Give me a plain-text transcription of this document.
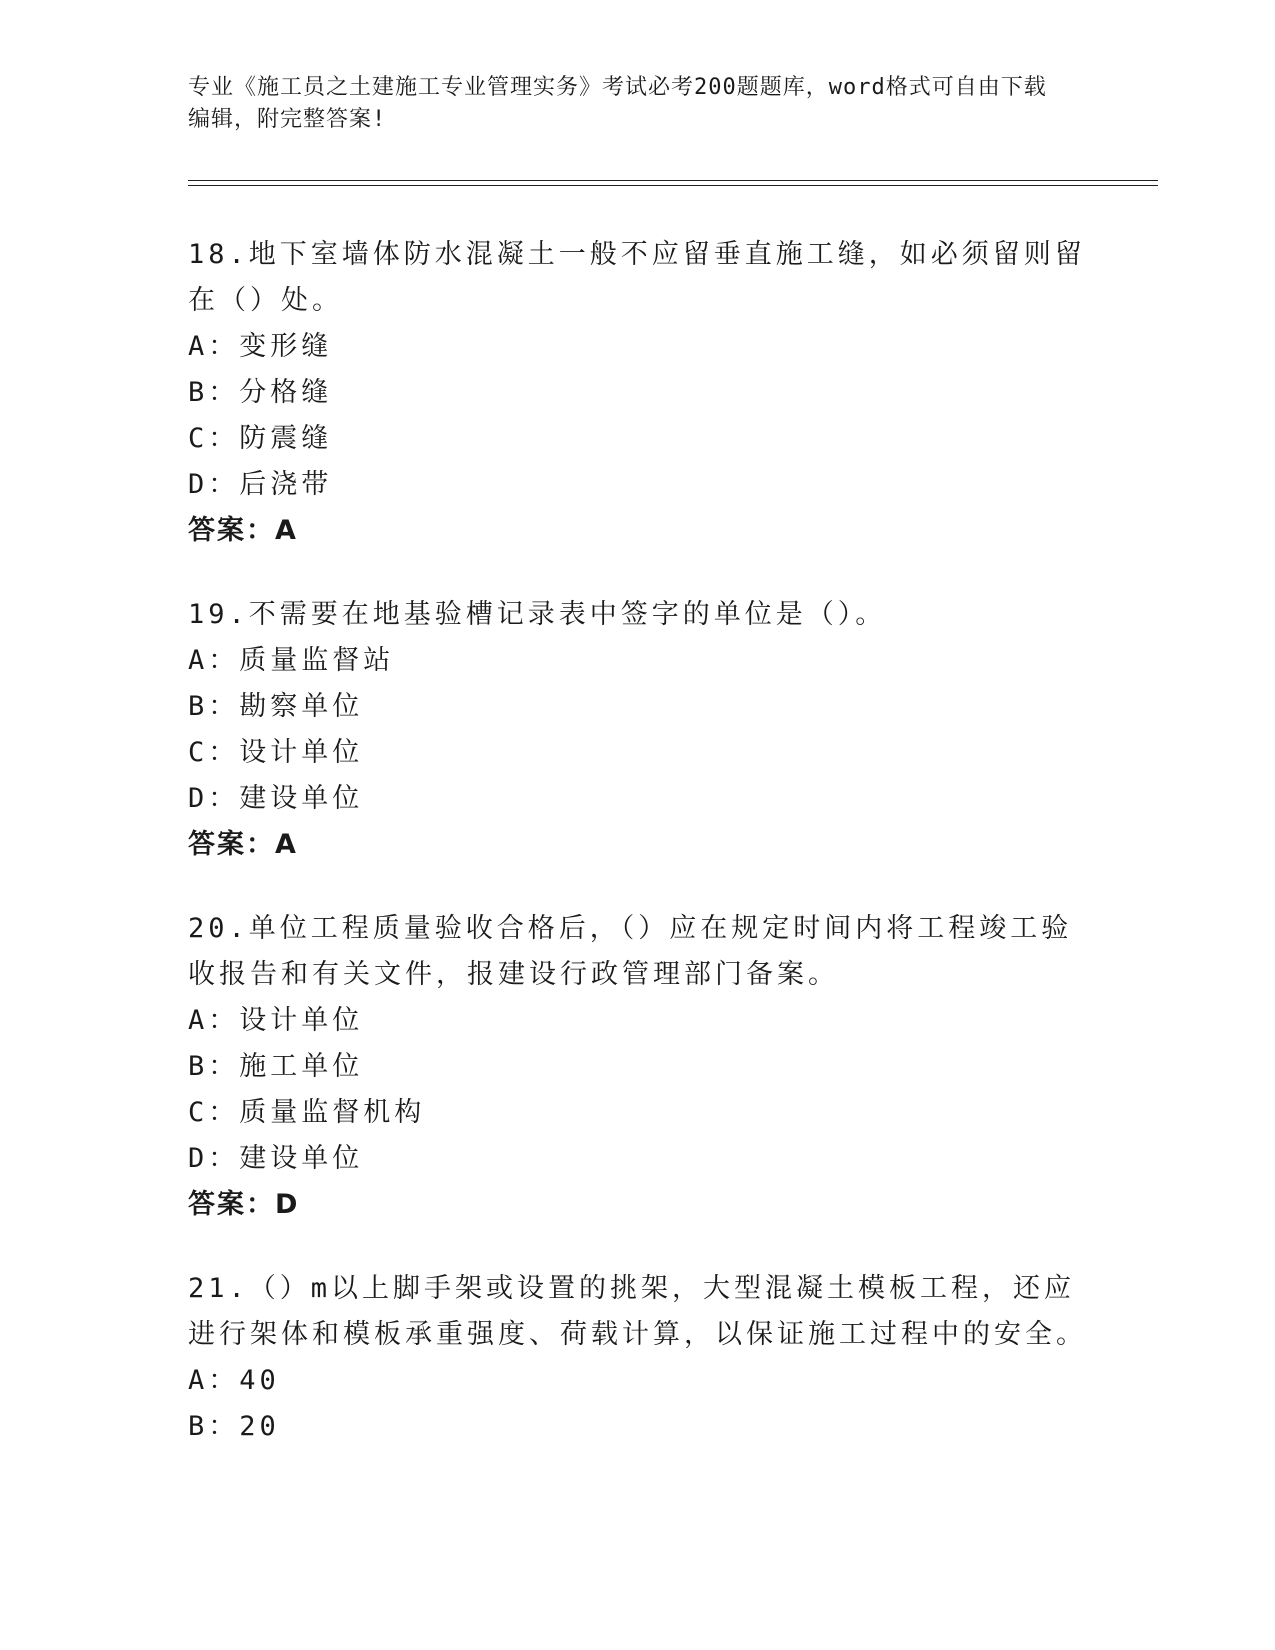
专业《施工员之土建施工专业管理实务》考试必考200题题库，word格式可自由下载编辑，附完整答案!
18.地下室墙体防水混凝土一般不应留垂直施工缝，如必须留则留在（）处。
A：变形缝
B：分格缝
C：防震缝
D：后浇带
答案：A
19.不需要在地基验槽记录表中签字的单位是（）。
A：质量监督站
B：勘察单位
C：设计单位
D：建设单位
答案：A
20.单位工程质量验收合格后，（）应在规定时间内将工程竣工验收报告和有关文件，报建设行政管理部门备案。
A：设计单位
B：施工单位
C：质量监督机构
D：建设单位
答案：D
21.（）m以上脚手架或设置的挑架，大型混凝土模板工程，还应进行架体和模板承重强度、荷载计算，以保证施工过程中的安全。
A：40
B：20
